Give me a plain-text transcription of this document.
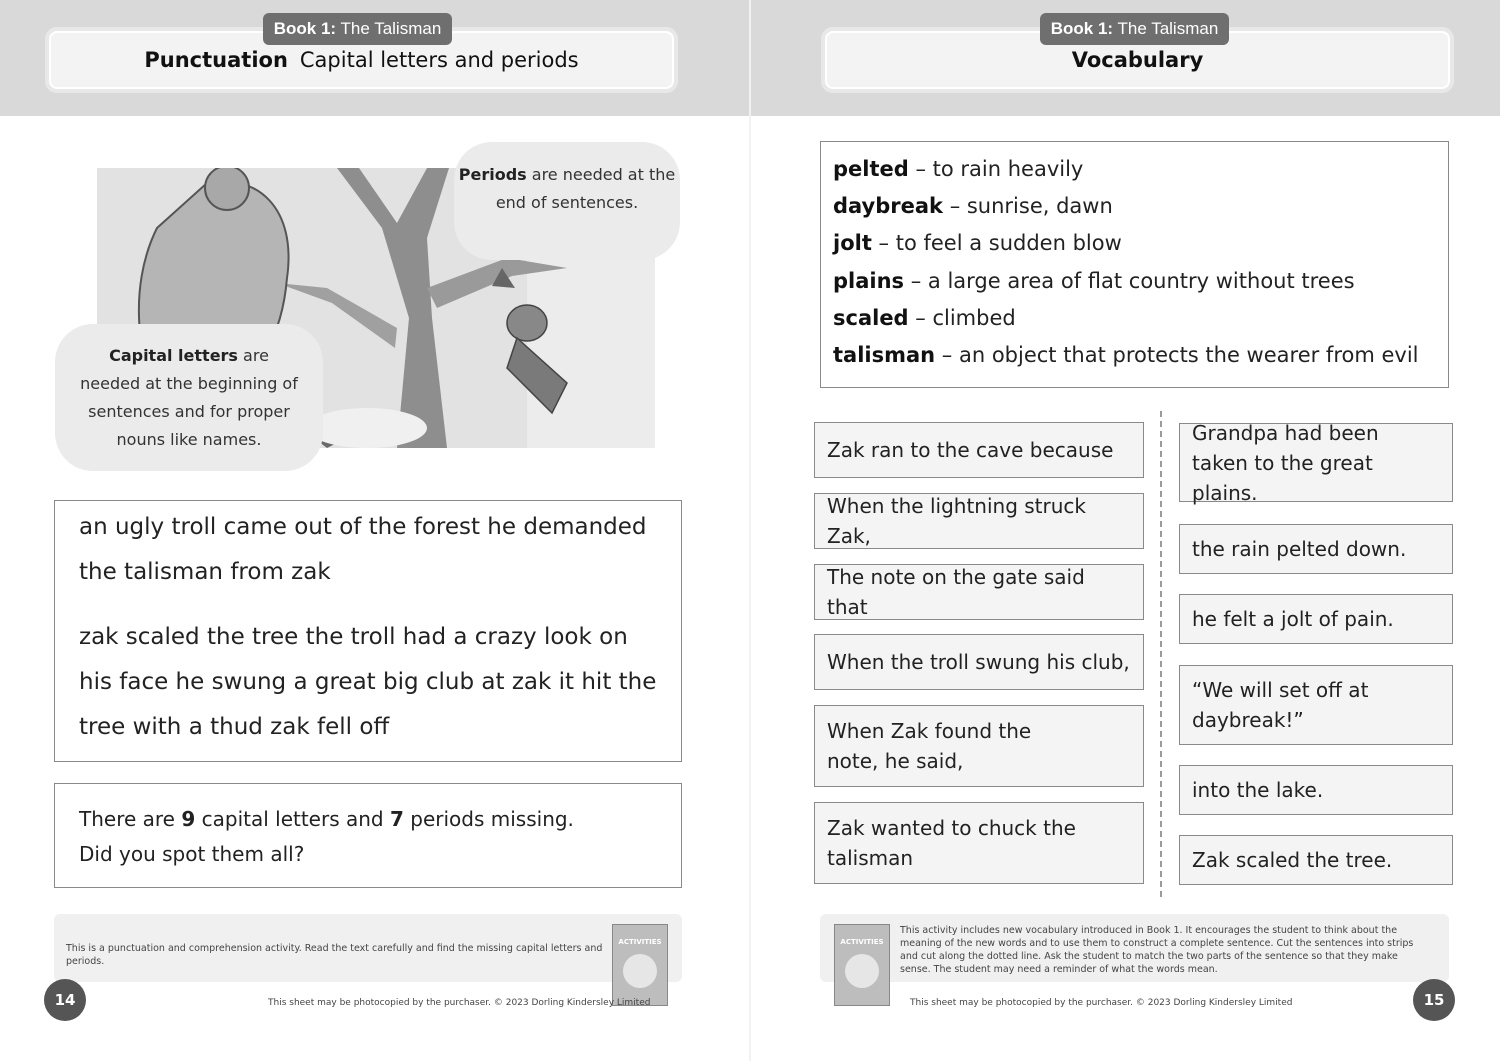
Book 1: The Talisman
Punctuation Capital letters and periods
Periods are needed at the end of sentences.
Capital letters are needed at the beginning of sentences and for proper nouns like names.

an ugly troll came out of the forest he demanded the talisman from zak

zak scaled the tree the troll had a crazy look on his face he swung a great big club at zak it hit the tree with a thud zak fell off

There are 9 capital letters and 7 periods missing.

Did you spot them all?

This is a punctuation and comprehension activity. Read the text carefully and find the missing capital letters and periods.
ACTIVITIES
14	This sheet may be photocopied by the purchaser. © 2023 Dorling Kindersley Limited
Book 1: The Talisman
Vocabulary
pelted – to rain heavily
daybreak – sunrise, dawn
jolt – to feel a sudden blow
plains – a large area of flat country without trees
scaled – climbed
talisman – an object that protects the wearer from evil
Zak ran to the cave because
When the lightning struck Zak,
The note on the gate said that
When the troll swung his club,
When Zak found the note, he said,
Zak wanted to chuck the talisman
Grandpa had been taken to the great plains.
the rain pelted down.
he felt a jolt of pain.
“We will set off at daybreak!”
into the lake.
Zak scaled the tree.
ACTIVITIES
This activity includes new vocabulary introduced in Book 1. It encourages the student to think about the meaning of the new words and to use them to construct a complete sentence. Cut the sentences into strips and cut along the dotted line. Ask the student to match the two parts of the sentence so that they make sense. The student may need a reminder of what the words mean.
15
This sheet may be photocopied by the purchaser. © 2023 Dorling Kindersley Limited
